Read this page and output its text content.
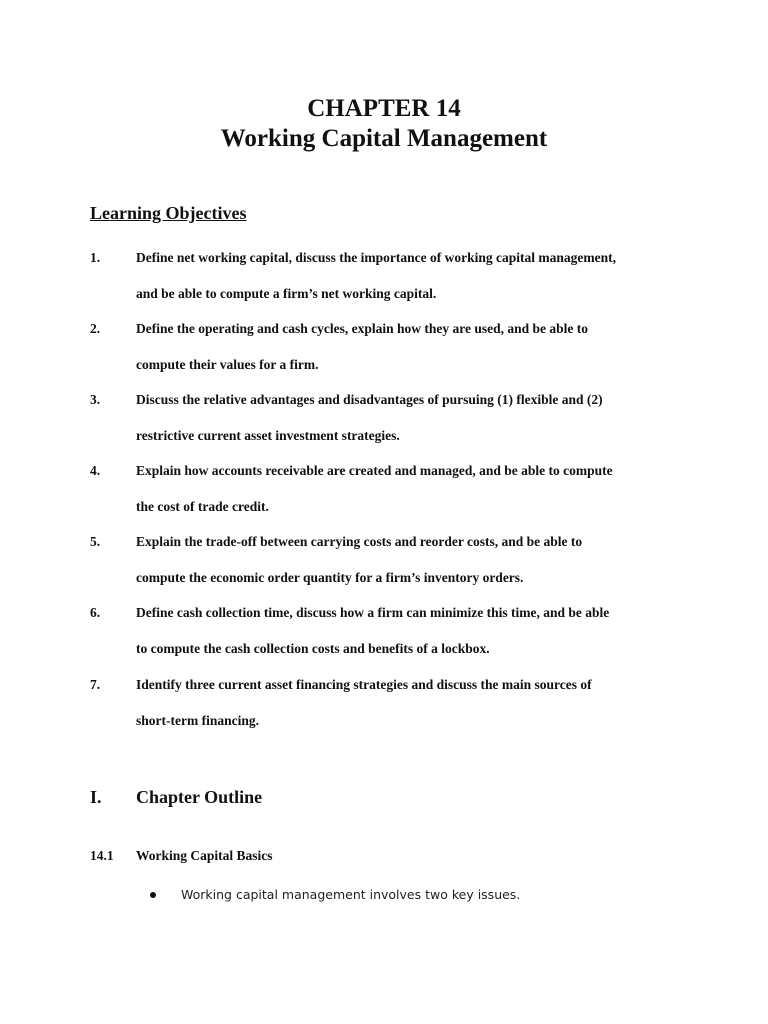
CHAPTER 14
Working Capital Management
Learning Objectives
1.	Define net working capital, discuss the importance of working capital management,
and be able to compute a firm’s net working capital.
2.	Define the operating and cash cycles, explain how they are used, and be able to
compute their values for a firm.
3.	Discuss the relative advantages and disadvantages of pursuing (1) flexible and (2)
restrictive current asset investment strategies.
4.	Explain how accounts receivable are created and managed, and be able to compute
the cost of trade credit.
5.	Explain the trade-off between carrying costs and reorder costs, and be able to
compute the economic order quantity for a firm’s inventory orders.
6.	Define cash collection time, discuss how a firm can minimize this time, and be able
to compute the cash collection costs and benefits of a lockbox.
7.	Identify three current asset financing strategies and discuss the main sources of
short-term financing.
I. Chapter Outline
14.1 Working Capital Basics
Working capital management involves two key issues.
